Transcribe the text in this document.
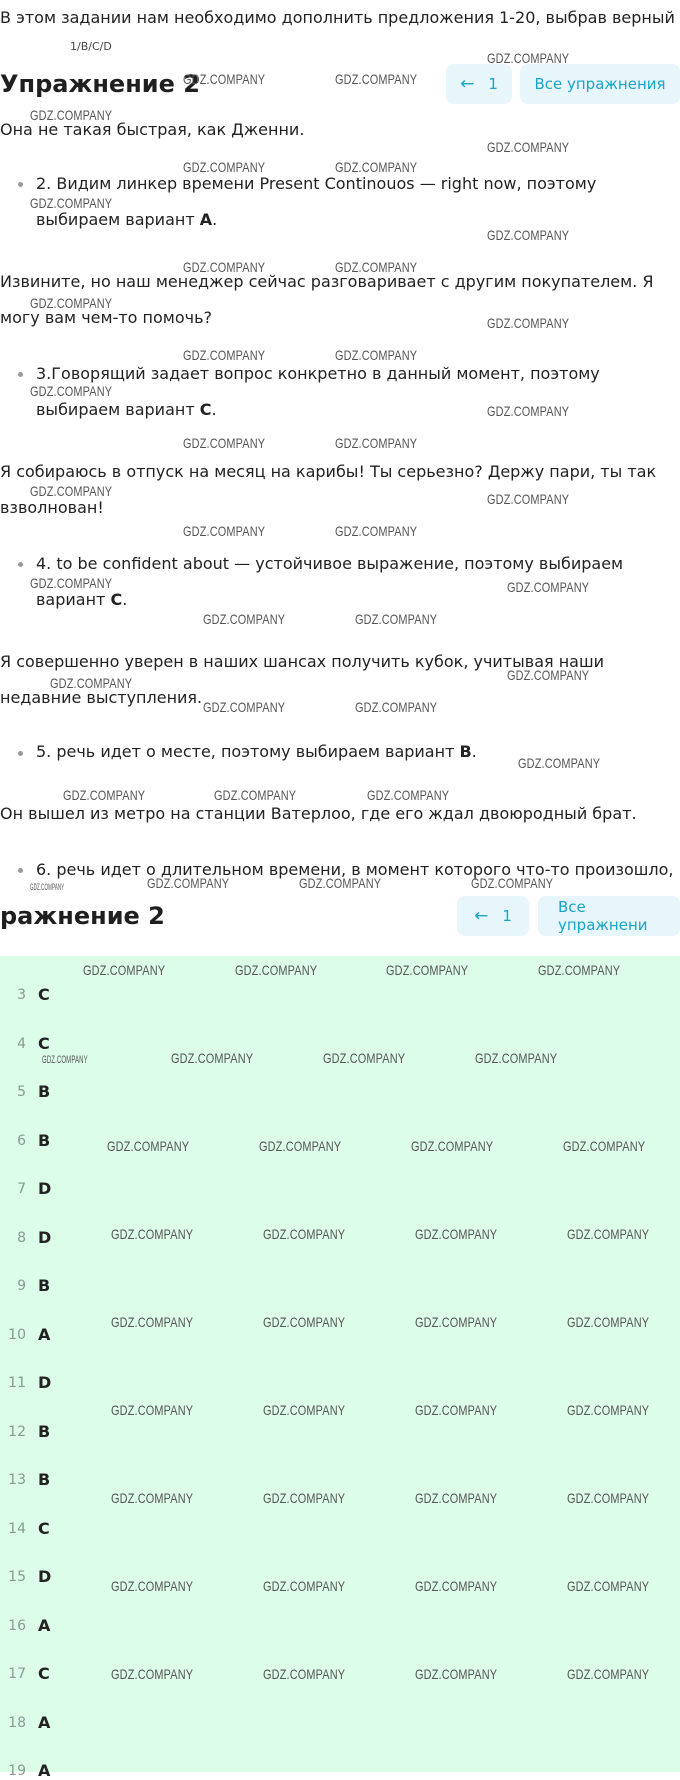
В этом задании нам необходимо дополнить предложения 1-20, выбрав верный
1/B/C/D
Упражнение 2	← 1 Все упражнения
Она не такая быстрая, как Дженни.
2. Видим линкер времени Present Continouos — right now, поэтому
выбираем вариант A.
Извините, но наш менеджер сейчас разговаривает с другим покупателем. Я
могу вам чем-то помочь?
3.Говорящий задает вопрос конкретно в данный момент, поэтому
выбираем вариант C.
Я собираюсь в отпуск на месяц на карибы! Ты серьезно? Держу пари, ты так
взволнован!
4. to be confident about — устойчивое выражение, поэтому выбираем
вариант C.
Я совершенно уверен в наших шансах получить кубок, учитывая наши
недавние выступления.
5. речь идет о месте, поэтому выбираем вариант B.
Он вышел из метро на станции Ватерлоо, где его ждал двоюродный брат.
6. речь идет о длительном времени, в момент которого что-то произошло,
ражнение 2	← 1	Все упражнени
3 C
4 C
5 B
6 B
7 D
8 D
9 B
10 A
11 D
12 B
13 B
14 C
15 D
16 A
17 C
18 A
19 A
GDZ.COMPANY
GDZ.COMPANY	GDZ.COMPANY
GDZ.COMPANY
GDZ.COMPANY
GDZ.COMPANY	GDZ.COMPANY
GDZ.COMPANY
GDZ.COMPANY
GDZ.COMPANY	GDZ.COMPANY
GDZ.COMPANY
GDZ.COMPANY
GDZ.COMPANY	GDZ.COMPANY
GDZ.COMPANY
GDZ.COMPANY
GDZ.COMPANY	GDZ.COMPANY
GDZ.COMPANY	GDZ.COMPANY
GDZ.COMPANY	GDZ.COMPANY
GDZ.COMPANY	GDZ.COMPANY
GDZ.COMPANY	GDZ.COMPANY
GDZ.COMPANY	GDZ.COMPANY
GDZ.COMPANY	GDZ.COMPANY
GDZ.COMPANY
GDZ.COMPANY	GDZ.COMPANY	GDZ.COMPANY
GDZ.COMPANY	GDZ.COMPANY	GDZ.COMPANY
GDZ.COMPANY	GDZ.COMPANY	GDZ.COMPANY	GDZ.COMPANY
GDZ.COMPANY	GDZ.COMPANY	GDZ.COMPANY
GDZ.COMPANY	GDZ.COMPANY	GDZ.COMPANY	GDZ.COMPANY
GDZ.COMPANY	GDZ.COMPANY	GDZ.COMPANY	GDZ.COMPANY
GDZ.COMPANY	GDZ.COMPANY	GDZ.COMPANY	GDZ.COMPANY
GDZ.COMPANY	GDZ.COMPANY	GDZ.COMPANY	GDZ.COMPANY
GDZ.COMPANY	GDZ.COMPANY	GDZ.COMPANY	GDZ.COMPANY
GDZ.COMPANY	GDZ.COMPANY	GDZ.COMPANY	GDZ.COMPANY
GDZ.COMPANY	GDZ.COMPANY	GDZ.COMPANY	GDZ.COMPANY
GDZ.COMPANY
GDZ.COMPANY
